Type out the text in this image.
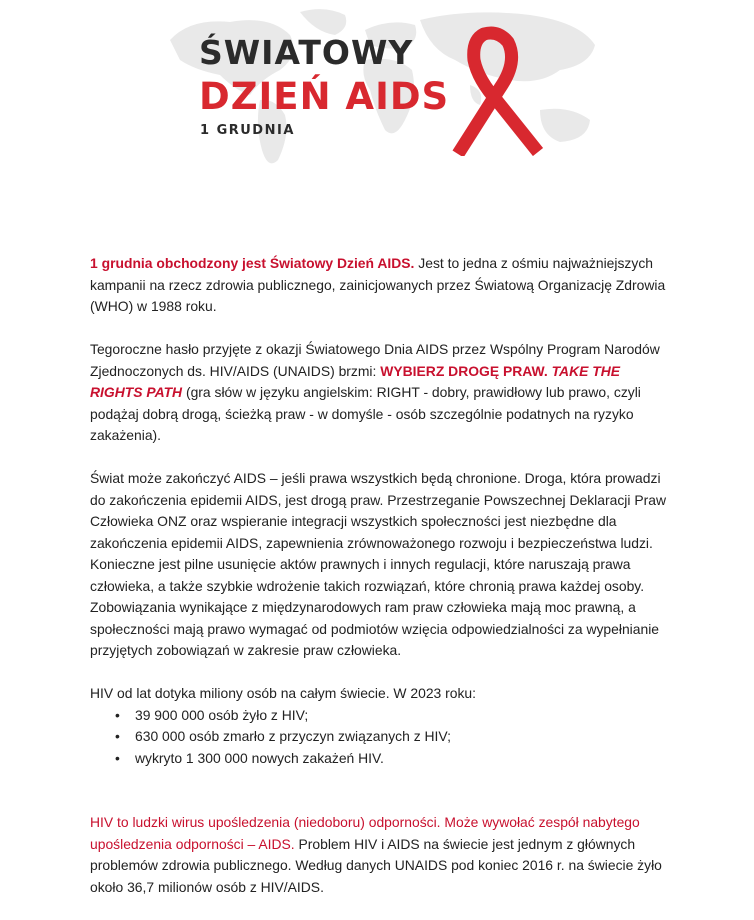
ŚWIATOWY
DZIEŃ AIDS
1 GRUDNIA

1 grudnia obchodzony jest Światowy Dzień AIDS. Jest to jedna z ośmiu najważniejszych kampanii na rzecz zdrowia publicznego, zainicjowanych przez Światową Organizację Zdrowia (WHO) w 1988 roku.

Tegoroczne hasło przyjęte z okazji Światowego Dnia AIDS przez Wspólny Program Narodów Zjednoczonych ds. HIV/AIDS (UNAIDS) brzmi: WYBIERZ DROGĘ PRAW. TAKE THE RIGHTS PATH (gra słów w języku angielskim: RIGHT - dobry, prawidłowy lub prawo, czyli podążaj dobrą drogą, ścieżką praw - w domyśle - osób szczególnie podatnych na ryzyko zakażenia).

Świat może zakończyć AIDS – jeśli prawa wszystkich będą chronione. Droga, która prowadzi do zakończenia epidemii AIDS, jest drogą praw. Przestrzeganie Powszechnej Deklaracji Praw Człowieka ONZ oraz wspieranie integracji wszystkich społeczności jest niezbędne dla zakończenia epidemii AIDS, zapewnienia zrównoważonego rozwoju i bezpieczeństwa ludzi. Konieczne jest pilne usunięcie aktów prawnych i innych regulacji, które naruszają prawa człowieka, a także szybkie wdrożenie takich rozwiązań, które chronią prawa każdej osoby. Zobowiązania wynikające z międzynarodowych ram praw człowieka mają moc prawną, a społeczności mają prawo wymagać od podmiotów wzięcia odpowiedzialności za wypełnianie przyjętych zobowiązań w zakresie praw człowieka.

HIV od lat dotyka miliony osób na całym świecie. W 2023 roku:
• 39 900 000 osób żyło z HIV;
• 630 000 osób zmarło z przyczyn związanych z HIV;
• wykryto 1 300 000 nowych zakażeń HIV.

HIV to ludzki wirus upośledzenia (niedoboru) odporności. Może wywołać zespół nabytego upośledzenia odporności – AIDS. Problem HIV i AIDS na świecie jest jednym z głównych problemów zdrowia publicznego. Według danych UNAIDS pod koniec 2016 r. na świecie żyło około 36,7 milionów osób z HIV/AIDS.
